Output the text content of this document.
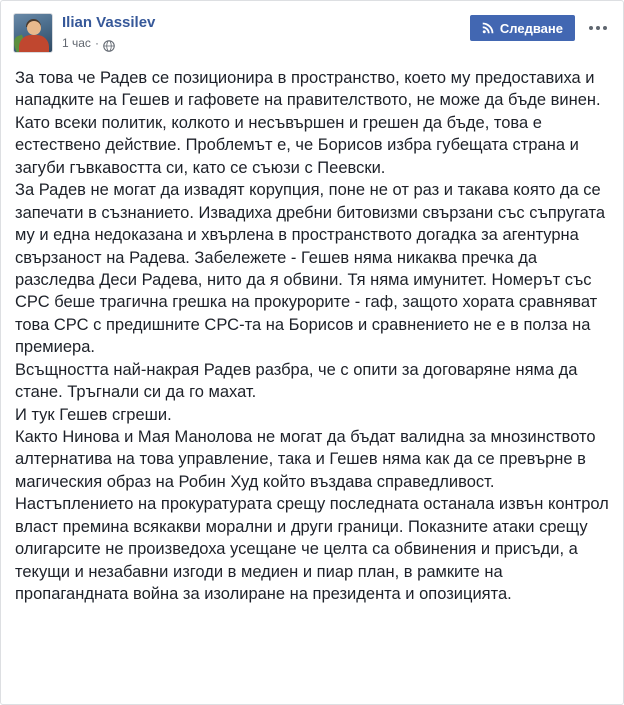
Ilian Vassilev
1 час ·
Следване

За това че Радев се позиционира в пространство, което му предоставиха и нападките на Гешев и гафовете на правителството, не може да бъде винен. Като всеки политик, колкото и несъвършен и грешен да бъде, това е естествено действие. Проблемът е, че Борисов избра губещата страна и загуби гъвкавостта си, като се съюзи с Пеевски.

За Радев не могат да извадят корупция, поне не от раз и такава която да се запечати в съзнанието. Извадиха дребни битовизми свързани със съпругата му и една недоказана и хвърлена в пространството догадка за агентурна свързаност на Радева. Забележете - Гешев няма никаква пречка да разследва Деси Радева, нито да я обвини. Тя няма имунитет. Номерът със СРС беше трагична грешка на прокурорите - гаф, защото хората сравняват това СРС с предишните СРС-та на Борисов и сравнението не е в полза на премиера.

Всъщността най-накрая Радев разбра, че с опити за договаряне няма да стане. Тръгнали си да го махат.

И тук Гешев сгреши.

Както Нинова и Мая Манолова не могат да бъдат валидна за мнозинството алтернатива на това управление, така и Гешев няма как да се превърне в магическия образ на Робин Худ който въздава справедливост. Настъплението на прокуратурата срещу последната останала извън контрол власт премина всякакви морални и други граници. Показните атаки срещу олигарсите не произведоха усещане че целта са обвинения и присъди, а текущи и незабавни изгоди в медиен и пиар план, в рамките на пропагандната война за изолиране на президента и опозицията.
